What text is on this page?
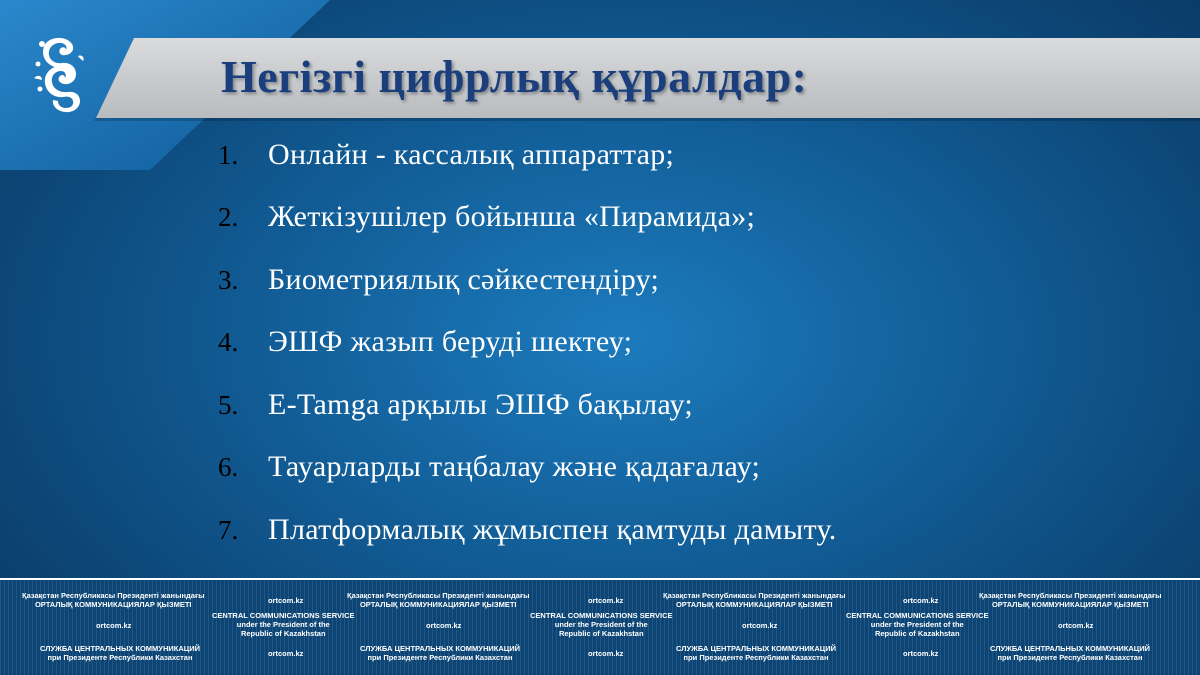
Негізгі цифрлық құралдар:
1. Онлайн - кассалық аппараттар;
2. Жеткізушілер бойынша «Пирамида»;
3. Биометриялық сәйкестендіру;
4. ЭШФ жазып беруді шектеу;
5. Е-Tamga арқылы ЭШФ бақылау;
6. Тауарларды таңбалау және қадағалау;
7. Платформалық жұмыспен қамтуды дамыту.
Қазақстан Республикасы Президенті жанындағы
ОРТАЛЫҚ КОММУНИКАЦИЯЛАР ҚЫЗМЕТІ
Қазақстан Республикасы Президенті жанындағы
ОРТАЛЫҚ КОММУНИКАЦИЯЛАР ҚЫЗМЕТІ
Қазақстан Республикасы Президенті жанындағы
ОРТАЛЫҚ КОММУНИКАЦИЯЛАР ҚЫЗМЕТІ
Қазақстан Республикасы Президенті жанындағы
ОРТАЛЫҚ КОММУНИКАЦИЯЛАР ҚЫЗМЕТІ
ortcom.kz	ortcom.kz	ortcom.kz
CENTRAL COMMUNICATIONS SERVICE
under the President of the
Republic of Kazakhstan
CENTRAL COMMUNICATIONS SERVICE
under the President of the
Republic of Kazakhstan
CENTRAL COMMUNICATIONS SERVICE
under the President of the
Republic of Kazakhstan
ortcom.kz	ortcom.kz	ortcom.kz	ortcom.kz
СЛУЖБА ЦЕНТРАЛЬНЫХ КОММУНИКАЦИЙ
при Президенте Республики Казахстан
СЛУЖБА ЦЕНТРАЛЬНЫХ КОММУНИКАЦИЙ
при Президенте Республики Казахстан
СЛУЖБА ЦЕНТРАЛЬНЫХ КОММУНИКАЦИЙ
при Президенте Республики Казахстан
СЛУЖБА ЦЕНТРАЛЬНЫХ КОММУНИКАЦИЙ
при Президенте Республики Казахстан
ortcom.kz	ortcom.kz	ortcom.kz
